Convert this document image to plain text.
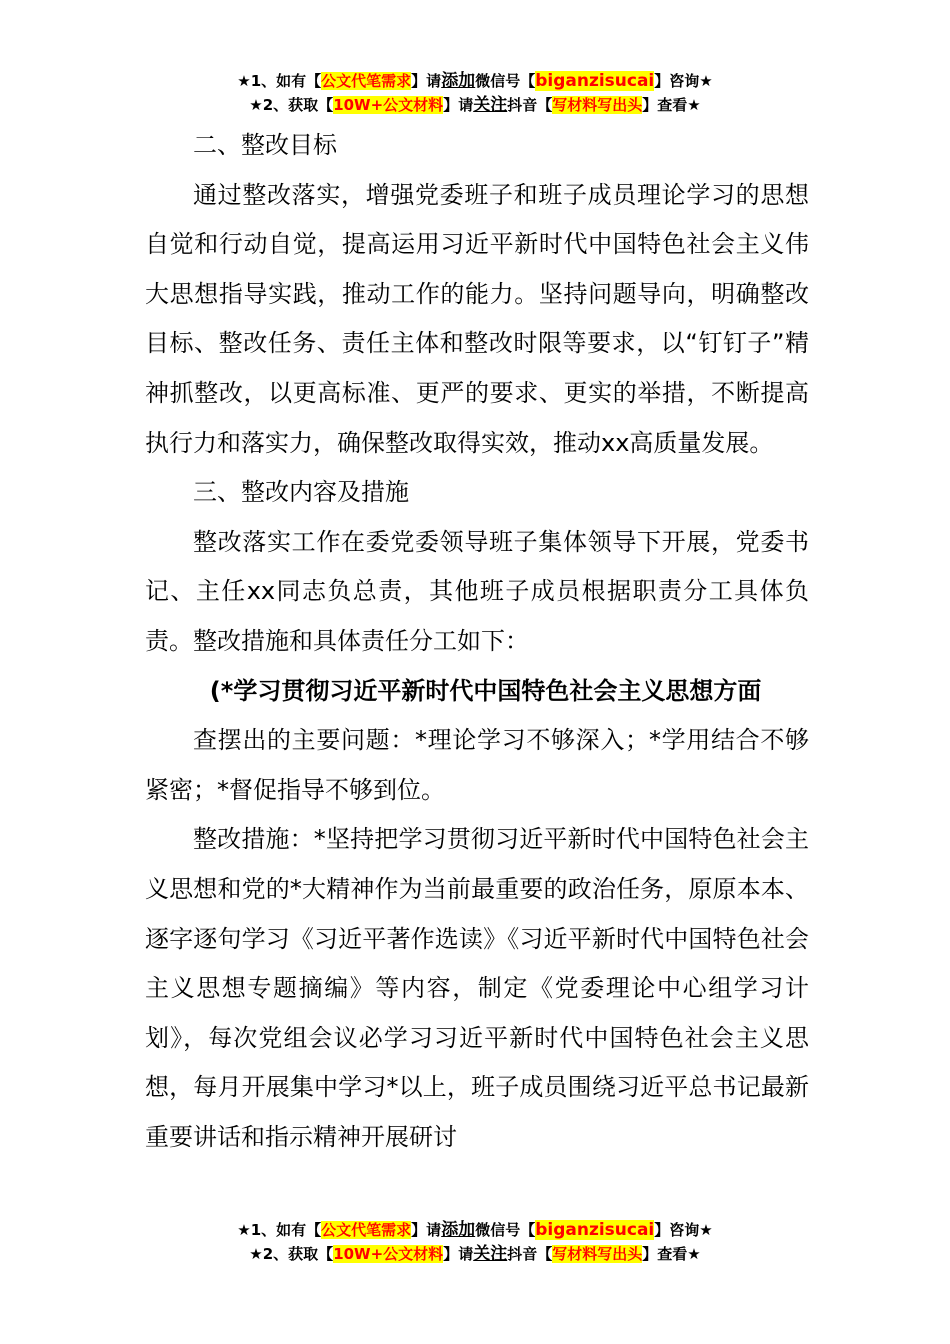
★1、如有【公文代笔需求】请添加微信号【biganzisucai】咨询★
★2、获取【10W+公文材料】请关注抖音【写材料写出头】查看★

二、整改目标

通过整改落实，增强党委班子和班子成员理论学习的思想自觉和行动自觉，提高运用习近平新时代中国特色社会主义伟大思想指导实践，推动工作的能力。坚持问题导向，明确整改目标、整改任务、责任主体和整改时限等要求，以“钉钉子”精神抓整改，以更高标准、更严的要求、更实的举措，不断提高执行力和落实力，确保整改取得实效，推动xx高质量发展。

三、整改内容及措施

整改落实工作在委党委领导班子集体领导下开展，党委书记、主任xx同志负总责，其他班子成员根据职责分工具体负责。整改措施和具体责任分工如下：

(*学习贯彻习近平新时代中国特色社会主义思想方面

查摆出的主要问题：*理论学习不够深入；*学用结合不够紧密；*督促指导不够到位。

整改措施：*坚持把学习贯彻习近平新时代中国特色社会主义思想和党的*大精神作为当前最重要的政治任务，原原本本、逐字逐句学习《习近平著作选读》《习近平新时代中国特色社会主义思想专题摘编》等内容，制定《党委理论中心组学习计划》，每次党组会议必学习习近平新时代中国特色社会主义思想，每月开展集中学习*以上，班子成员围绕习近平总书记最新重要讲话和指示精神开展研讨

★1、如有【公文代笔需求】请添加微信号【biganzisucai】咨询★
★2、获取【10W+公文材料】请关注抖音【写材料写出头】查看★
